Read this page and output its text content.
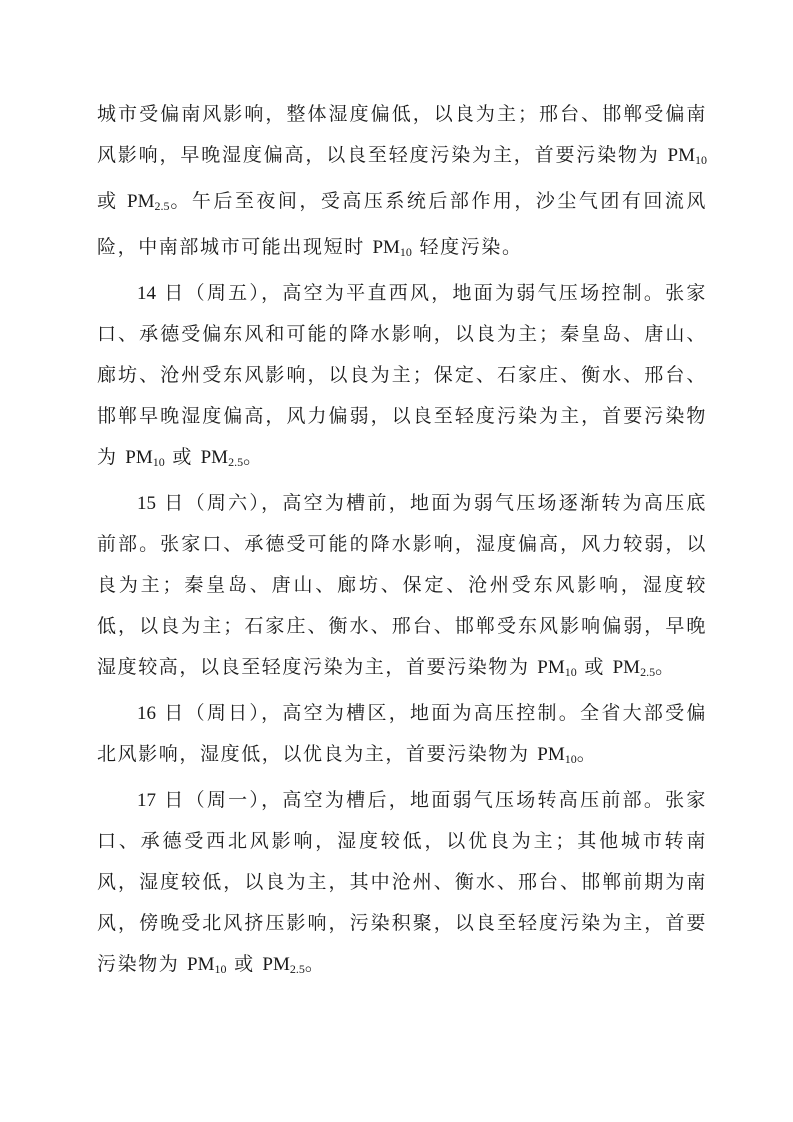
城市受偏南风影响，整体湿度偏低，以良为主；邢台、邯郸受偏南风影响，早晚湿度偏高，以良至轻度污染为主，首要污染物为 $PM_{10}$ 或 $PM_{2.5}$。午后至夜间，受高压系统后部作用，沙尘气团有回流风险，中南部城市可能出现短时 $PM_{10}$ 轻度污染。

14 日（周五），高空为平直西风，地面为弱气压场控制。张家口、承德受偏东风和可能的降水影响，以良为主；秦皇岛、唐山、廊坊、沧州受东风影响，以良为主；保定、石家庄、衡水、邢台、邯郸早晚湿度偏高，风力偏弱，以良至轻度污染为主，首要污染物为 $PM_{10}$ 或 $PM_{2.5}$。

15 日（周六），高空为槽前，地面为弱气压场逐渐转为高压底前部。张家口、承德受可能的降水影响，湿度偏高，风力较弱，以良为主；秦皇岛、唐山、廊坊、保定、沧州受东风影响，湿度较低，以良为主；石家庄、衡水、邢台、邯郸受东风影响偏弱，早晚湿度较高，以良至轻度污染为主，首要污染物为 $PM_{10}$ 或 $PM_{2.5}$。

16 日（周日），高空为槽区，地面为高压控制。全省大部受偏北风影响，湿度低，以优良为主，首要污染物为 $PM_{10}$。

17 日（周一），高空为槽后，地面弱气压场转高压前部。张家口、承德受西北风影响，湿度较低，以优良为主；其他城市转南风，湿度较低，以良为主，其中沧州、衡水、邢台、邯郸前期为南风，傍晚受北风挤压影响，污染积聚，以良至轻度污染为主，首要污染物为 $PM_{10}$ 或 $PM_{2.5}$。
